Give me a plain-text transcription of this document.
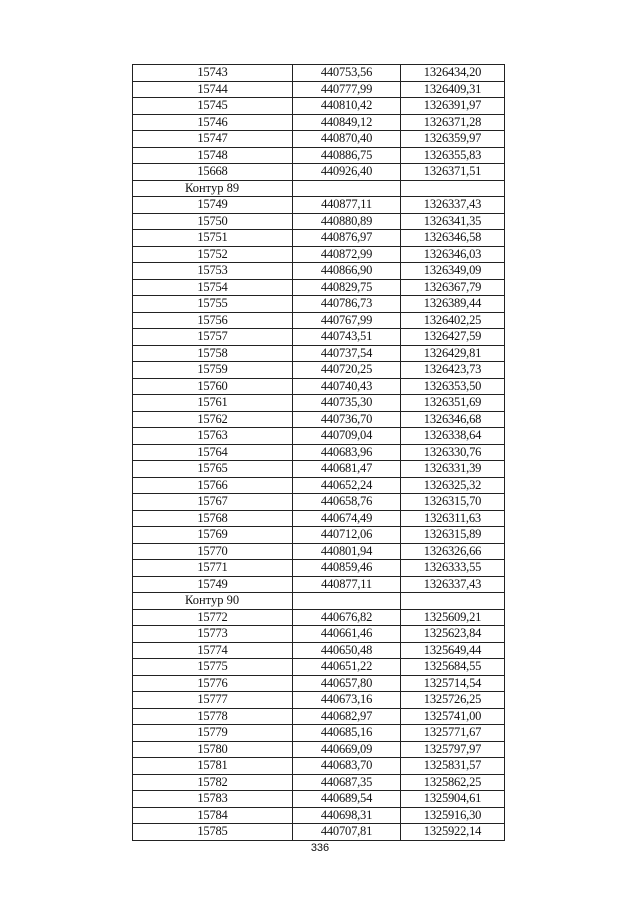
15743	440753,56	1326434,20
15744	440777,99	1326409,31
15745	440810,42	1326391,97
15746	440849,12	1326371,28
15747	440870,40	1326359,97
15748	440886,75	1326355,83
15668	440926,40	1326371,51
Контур 89		
15749	440877,11	1326337,43
15750	440880,89	1326341,35
15751	440876,97	1326346,58
15752	440872,99	1326346,03
15753	440866,90	1326349,09
15754	440829,75	1326367,79
15755	440786,73	1326389,44
15756	440767,99	1326402,25
15757	440743,51	1326427,59
15758	440737,54	1326429,81
15759	440720,25	1326423,73
15760	440740,43	1326353,50
15761	440735,30	1326351,69
15762	440736,70	1326346,68
15763	440709,04	1326338,64
15764	440683,96	1326330,76
15765	440681,47	1326331,39
15766	440652,24	1326325,32
15767	440658,76	1326315,70
15768	440674,49	1326311,63
15769	440712,06	1326315,89
15770	440801,94	1326326,66
15771	440859,46	1326333,55
15749	440877,11	1326337,43
Контур 90		
15772	440676,82	1325609,21
15773	440661,46	1325623,84
15774	440650,48	1325649,44
15775	440651,22	1325684,55
15776	440657,80	1325714,54
15777	440673,16	1325726,25
15778	440682,97	1325741,00
15779	440685,16	1325771,67
15780	440669,09	1325797,97
15781	440683,70	1325831,57
15782	440687,35	1325862,25
15783	440689,54	1325904,61
15784	440698,31	1325916,30
15785	440707,81	1325922,14
336
